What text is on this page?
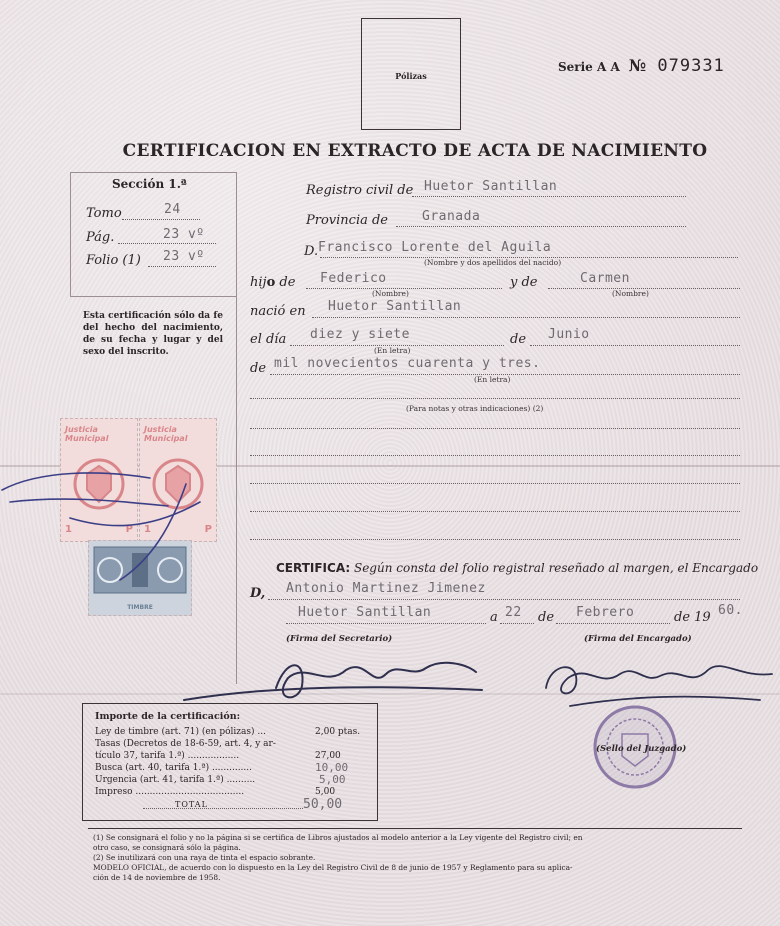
Pólizas
Serie A A № 079331
CERTIFICACION EN EXTRACTO DE ACTA DE NACIMIENTO
Sección 1.ª
Tomo	24
Pág.	23 vº
Folio (1) 23 vº
Esta certificación sólo da fe del hecho del nacimiento, de su fecha y lugar y del sexo del inscrito.
Justicia Municipal
1	P
Justicia Municipal
1	P
TIMBRE
Registro civil de Huetor Santillan
Provincia de	Granada
D. Francisco Lorente del Aguila
(Nombre y dos apellidos del nacido)
hijo de Federico
(Nombre)
y de	Carmen
(Nombre)
nació en Huetor Santillan
el día diez y siete
(En letra)
de Junio
de mil novecientos cuarenta y tres.
(En letra)
(Para notas y otras indicaciones) (2)
CERTIFICA: Según consta del folio registral reseñado al margen, el Encargado
D, Antonio Martinez Jimenez
Huetor Santillan	a 22 de Febrero	de 19 60.
(Firma del Secretario)	(Firma del Encargado)
(Sello del Juzgado)
Importe de la certificación:
Ley de timbre (art. 71) (en pólizas) ...	2,00 ptas.
Tasas (Decretos de 18-6-59, art. 4, y ar-
tículo 37, tarifa 1.ª) ..................	27,00
Busca (art. 40, tarifa 1.ª) ..............	10,00
Urgencia (art. 41, tarifa 1.ª) ..........	5,00
Impreso ......................................	5,00
TOTAL	50,00
(1) Se consignará el folio y no la página si se certifica de Libros ajustados al modelo anterior a la Ley vigente del Registro civil; en
otro caso, se consignará sólo la página.
(2) Se inutilizará con una raya de tinta el espacio sobrante.
MODELO OFICIAL, de acuerdo con lo dispuesto en la Ley del Registro Civil de 8 de junio de 1957 y Reglamento para su aplica-
ción de 14 de noviembre de 1958.
